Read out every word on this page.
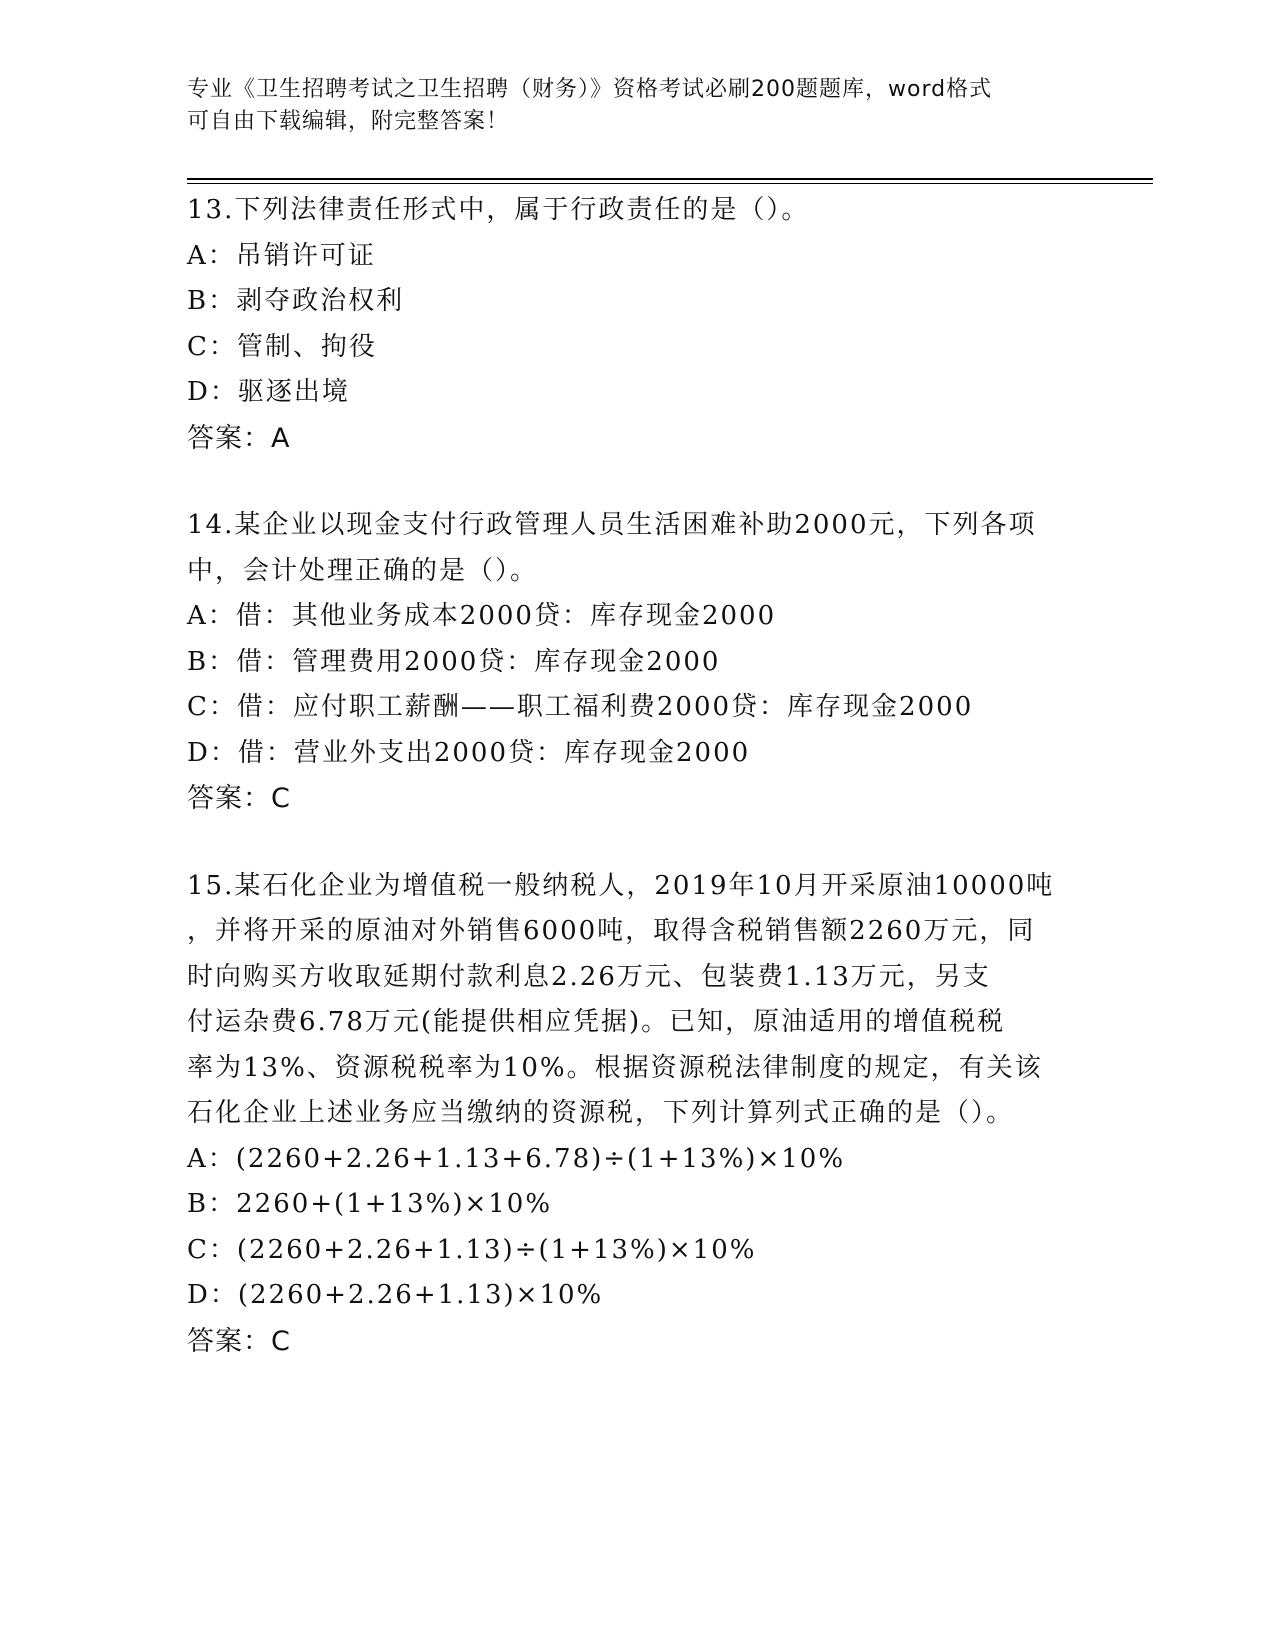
专业《卫生招聘考试之卫生招聘（财务）》资格考试必刷200题题库，word格式
可自由下载编辑，附完整答案！
13.下列法律责任形式中，属于行政责任的是（）。
A：吊销许可证
B：剥夺政治权利
C：管制、拘役
D：驱逐出境
答案：A
14.某企业以现金支付行政管理人员生活困难补助2000元，下列各项
中，会计处理正确的是（）。
A：借：其他业务成本2000贷：库存现金2000
B：借：管理费用2000贷：库存现金2000
C：借：应付职工薪酬——职工福利费2000贷：库存现金2000
D：借：营业外支出2000贷：库存现金2000
答案：C
15.某石化企业为增值税一般纳税人，2019年10月开采原油10000吨
，并将开采的原油对外销售6000吨，取得含税销售额2260万元，同
时向购买方收取延期付款利息2.26万元、包装费1.13万元，另支
付运杂费6.78万元(能提供相应凭据)。已知，原油适用的增值税税
率为13%、资源税税率为10%。根据资源税法律制度的规定，有关该
石化企业上述业务应当缴纳的资源税，下列计算列式正确的是（）。
A：(2260+2.26+1.13+6.78)÷(1+13%)×10%
B：2260+(1+13%)×10%
C：(2260+2.26+1.13)÷(1+13%)×10%
D：(2260+2.26+1.13)×10%
答案：C
